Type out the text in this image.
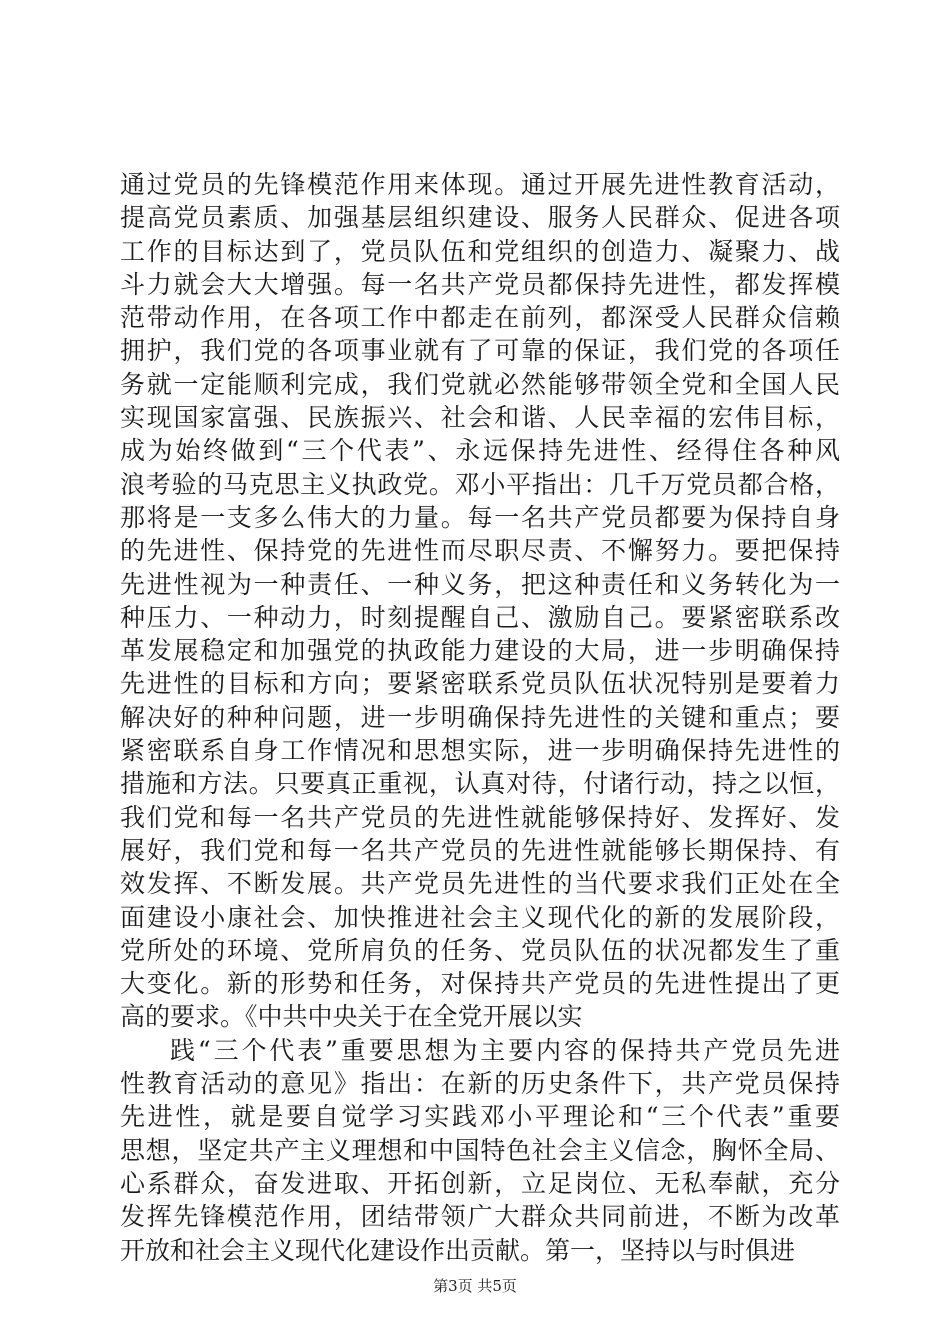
通过党员的先锋模范作用来体现。通过开展先进性教育活动，
提高党员素质、加强基层组织建设、服务人民群众、促进各项
工作的目标达到了，党员队伍和党组织的创造力、凝聚力、战
斗力就会大大增强。每一名共产党员都保持先进性，都发挥模
范带动作用，在各项工作中都走在前列，都深受人民群众信赖
拥护，我们党的各项事业就有了可靠的保证，我们党的各项任
务就一定能顺利完成，我们党就必然能够带领全党和全国人民
实现国家富强、民族振兴、社会和谐、人民幸福的宏伟目标，
成为始终做到“三个代表”、永远保持先进性、经得住各种风
浪考验的马克思主义执政党。邓小平指出：几千万党员都合格，
那将是一支多么伟大的力量。每一名共产党员都要为保持自身
的先进性、保持党的先进性而尽职尽责、不懈努力。要把保持
先进性视为一种责任、一种义务，把这种责任和义务转化为一
种压力、一种动力，时刻提醒自己、激励自己。要紧密联系改
革发展稳定和加强党的执政能力建设的大局，进一步明确保持
先进性的目标和方向；要紧密联系党员队伍状况特别是要着力
解决好的种种问题，进一步明确保持先进性的关键和重点；要
紧密联系自身工作情况和思想实际，进一步明确保持先进性的
措施和方法。只要真正重视，认真对待，付诸行动，持之以恒，
我们党和每一名共产党员的先进性就能够保持好、发挥好、发
展好，我们党和每一名共产党员的先进性就能够长期保持、有
效发挥、不断发展。共产党员先进性的当代要求我们正处在全
面建设小康社会、加快推进社会主义现代化的新的发展阶段，
党所处的环境、党所肩负的任务、党员队伍的状况都发生了重
大变化。新的形势和任务，对保持共产党员的先进性提出了更
高的要求。《中共中央关于在全党开展以实
践“三个代表”重要思想为主要内容的保持共产党员先进
性教育活动的意见》指出：在新的历史条件下，共产党员保持
先进性，就是要自觉学习实践邓小平理论和“三个代表”重要
思想，坚定共产主义理想和中国特色社会主义信念，胸怀全局、
心系群众，奋发进取、开拓创新，立足岗位、无私奉献，充分
发挥先锋模范作用，团结带领广大群众共同前进，不断为改革
开放和社会主义现代化建设作出贡献。第一，坚持以与时俱进
第3页 共5页
